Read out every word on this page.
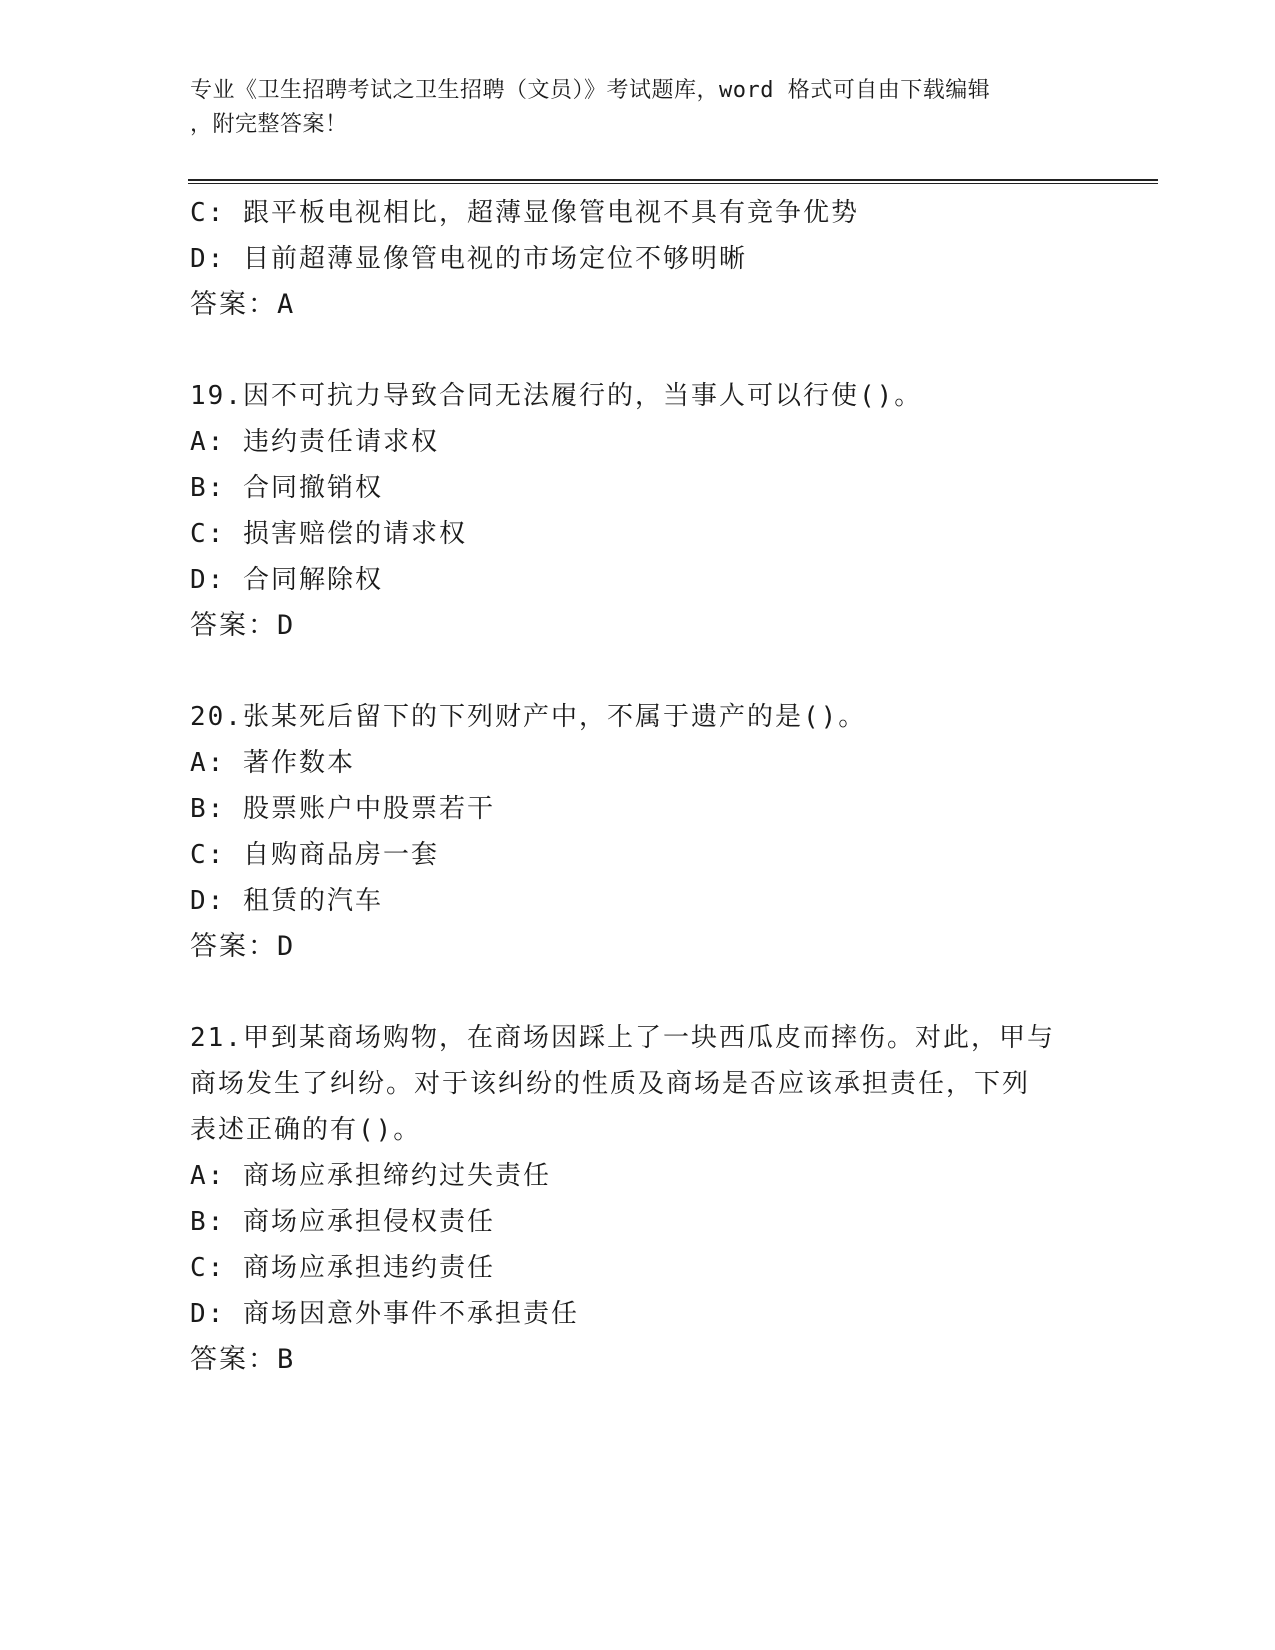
专业《卫生招聘考试之卫生招聘（文员）》考试题库，word 格式可自由下载编辑
，附完整答案！
C: 跟平板电视相比，超薄显像管电视不具有竞争优势
D: 目前超薄显像管电视的市场定位不够明晰
答案：A
19.因不可抗力导致合同无法履行的，当事人可以行使()。
A: 违约责任请求权
B: 合同撤销权
C: 损害赔偿的请求权
D: 合同解除权
答案：D
20.张某死后留下的下列财产中，不属于遗产的是()。
A: 著作数本
B: 股票账户中股票若干
C: 自购商品房一套
D: 租赁的汽车
答案：D
21.甲到某商场购物，在商场因踩上了一块西瓜皮而摔伤。对此，甲与
商场发生了纠纷。对于该纠纷的性质及商场是否应该承担责任，下列
表述正确的有()。
A: 商场应承担缔约过失责任
B: 商场应承担侵权责任
C: 商场应承担违约责任
D: 商场因意外事件不承担责任
答案：B
